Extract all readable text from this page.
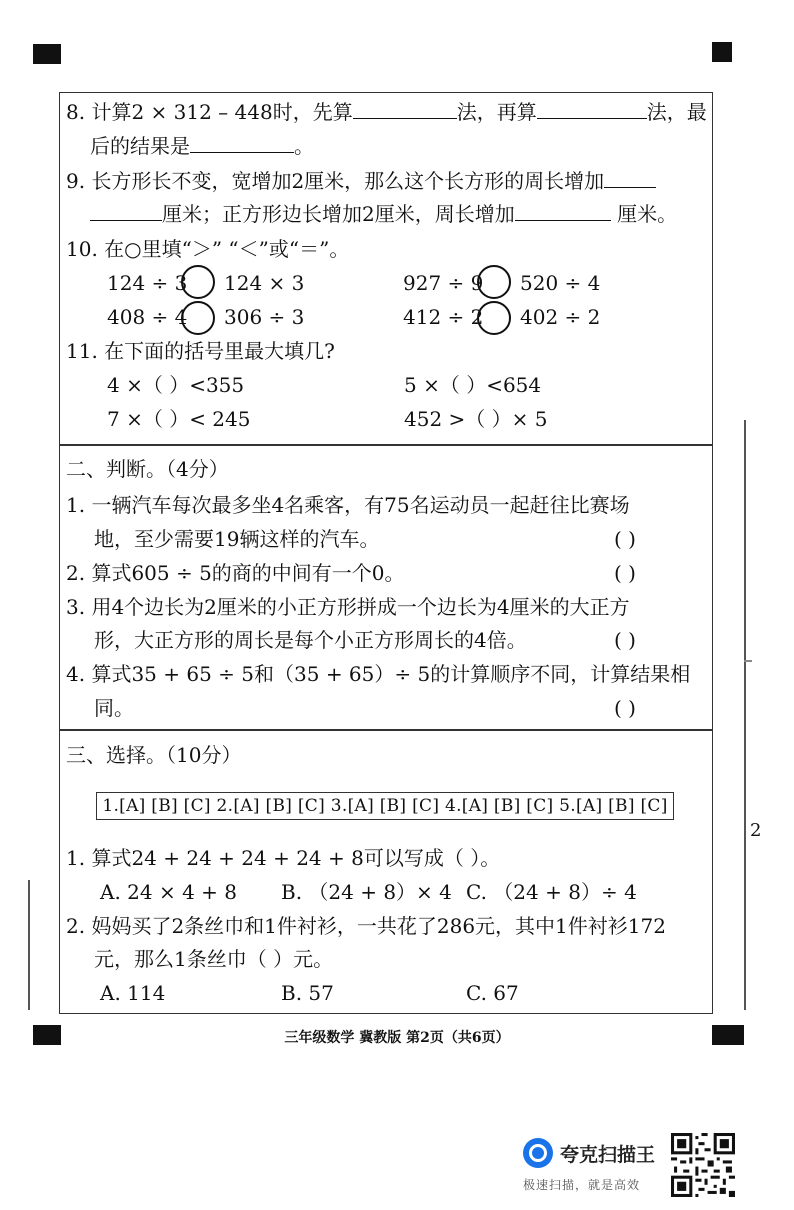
2
8. 计算2 × 312 – 448时，先算	法，再算	法，最
后的结果是	。
9. 长方形长不变，宽增加2厘米，那么这个长方形的周长增加
厘米；正方形边长增加2厘米，周长增加	厘米。
10. 在○里填“＞” “＜”或“＝”。
124 ÷ 3 124 × 3	927 ÷ 9 520 ÷ 4
408 ÷ 4 306 ÷ 3	412 ÷ 2 402 ÷ 2
11. 在下面的括号里最大填几?
4 ×（ ）<355	5 ×（ ）<654
7 ×（ ）< 245	452 >（ ）× 5
二、判断。（4分）
1. 一辆汽车每次最多坐4名乘客，有75名运动员一起赶往比赛场
地，至少需要19辆这样的汽车。	( )
2. 算式605 ÷ 5的商的中间有一个0。	( )
3. 用4个边长为2厘米的小正方形拼成一个边长为4厘米的大正方
形，大正方形的周长是每个小正方形周长的4倍。	( )
4. 算式35 + 65 ÷ 5和（35 + 65）÷ 5的计算顺序不同，计算结果相
同。	( )
三、选择。（10分）
1.[A] [B] [C] 2.[A] [B] [C] 3.[A] [B] [C] 4.[A] [B] [C] 5.[A] [B] [C]
1. 算式24 + 24 + 24 + 24 + 8可以写成（ ）。
A. 24 × 4 + 8 B. （24 + 8）× 4 C. （24 + 8）÷ 4
2. 妈妈买了2条丝巾和1件衬衫，一共花了286元，其中1件衬衫172
元，那么1条丝巾（ ）元。
A. 114	B. 57	C. 67
三年级数学 冀教版 第2页（共6页）
夸克扫描王
极速扫描，就是高效
